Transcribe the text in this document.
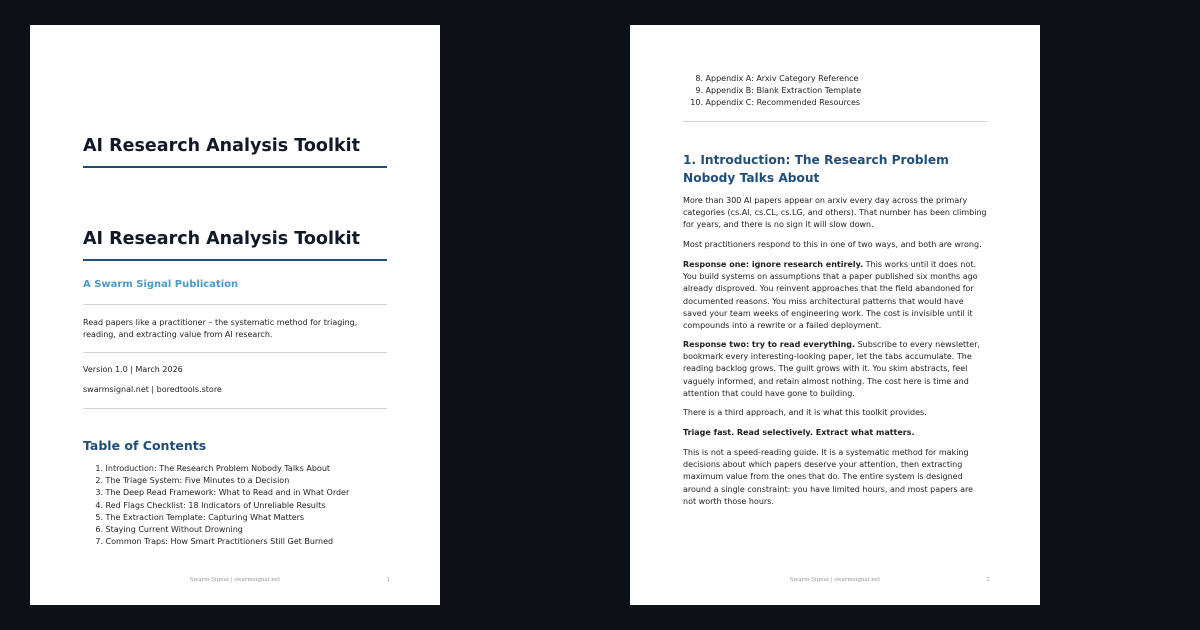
AI Research Analysis Toolkit
AI Research Analysis Toolkit

A Swarm Signal Publication

Read papers like a practitioner – the systematic method for triaging, reading, and extracting value from AI research.

Version 1.0 | March 2026

swarmsignal.net | boredtools.store

Table of Contents
1. Introduction: The Research Problem Nobody Talks About
2. The Triage System: Five Minutes to a Decision
3. The Deep Read Framework: What to Read and in What Order
4. Red Flags Checklist: 18 Indicators of Unreliable Results
5. The Extraction Template: Capturing What Matters
6. Staying Current Without Drowning
7. Common Traps: How Smart Practitioners Still Get Burned
Swarm Signal | swarmsignal.net	1
8. Appendix A: Arxiv Category Reference
9. Appendix B: Blank Extraction Template
10. Appendix C: Recommended Resources
1. Introduction: The Research Problem Nobody Talks About

More than 300 AI papers appear on arxiv every day across the primary categories (cs.AI, cs.CL, cs.LG, and others). That number has been climbing for years, and there is no sign it will slow down.

Most practitioners respond to this in one of two ways, and both are wrong.

Response one: ignore research entirely. This works until it does not. You build systems on assumptions that a paper published six months ago already disproved. You reinvent approaches that the field abandoned for documented reasons. You miss architectural patterns that would have saved your team weeks of engineering work. The cost is invisible until it compounds into a rewrite or a failed deployment.

Response two: try to read everything. Subscribe to every newsletter, bookmark every interesting-looking paper, let the tabs accumulate. The reading backlog grows. The guilt grows with it. You skim abstracts, feel vaguely informed, and retain almost nothing. The cost here is time and attention that could have gone to building.

There is a third approach, and it is what this toolkit provides.

Triage fast. Read selectively. Extract what matters.

This is not a speed-reading guide. It is a systematic method for making decisions about which papers deserve your attention, then extracting maximum value from the ones that do. The entire system is designed around a single constraint: you have limited hours, and most papers are not worth those hours.

Swarm Signal | swarmsignal.net	2
